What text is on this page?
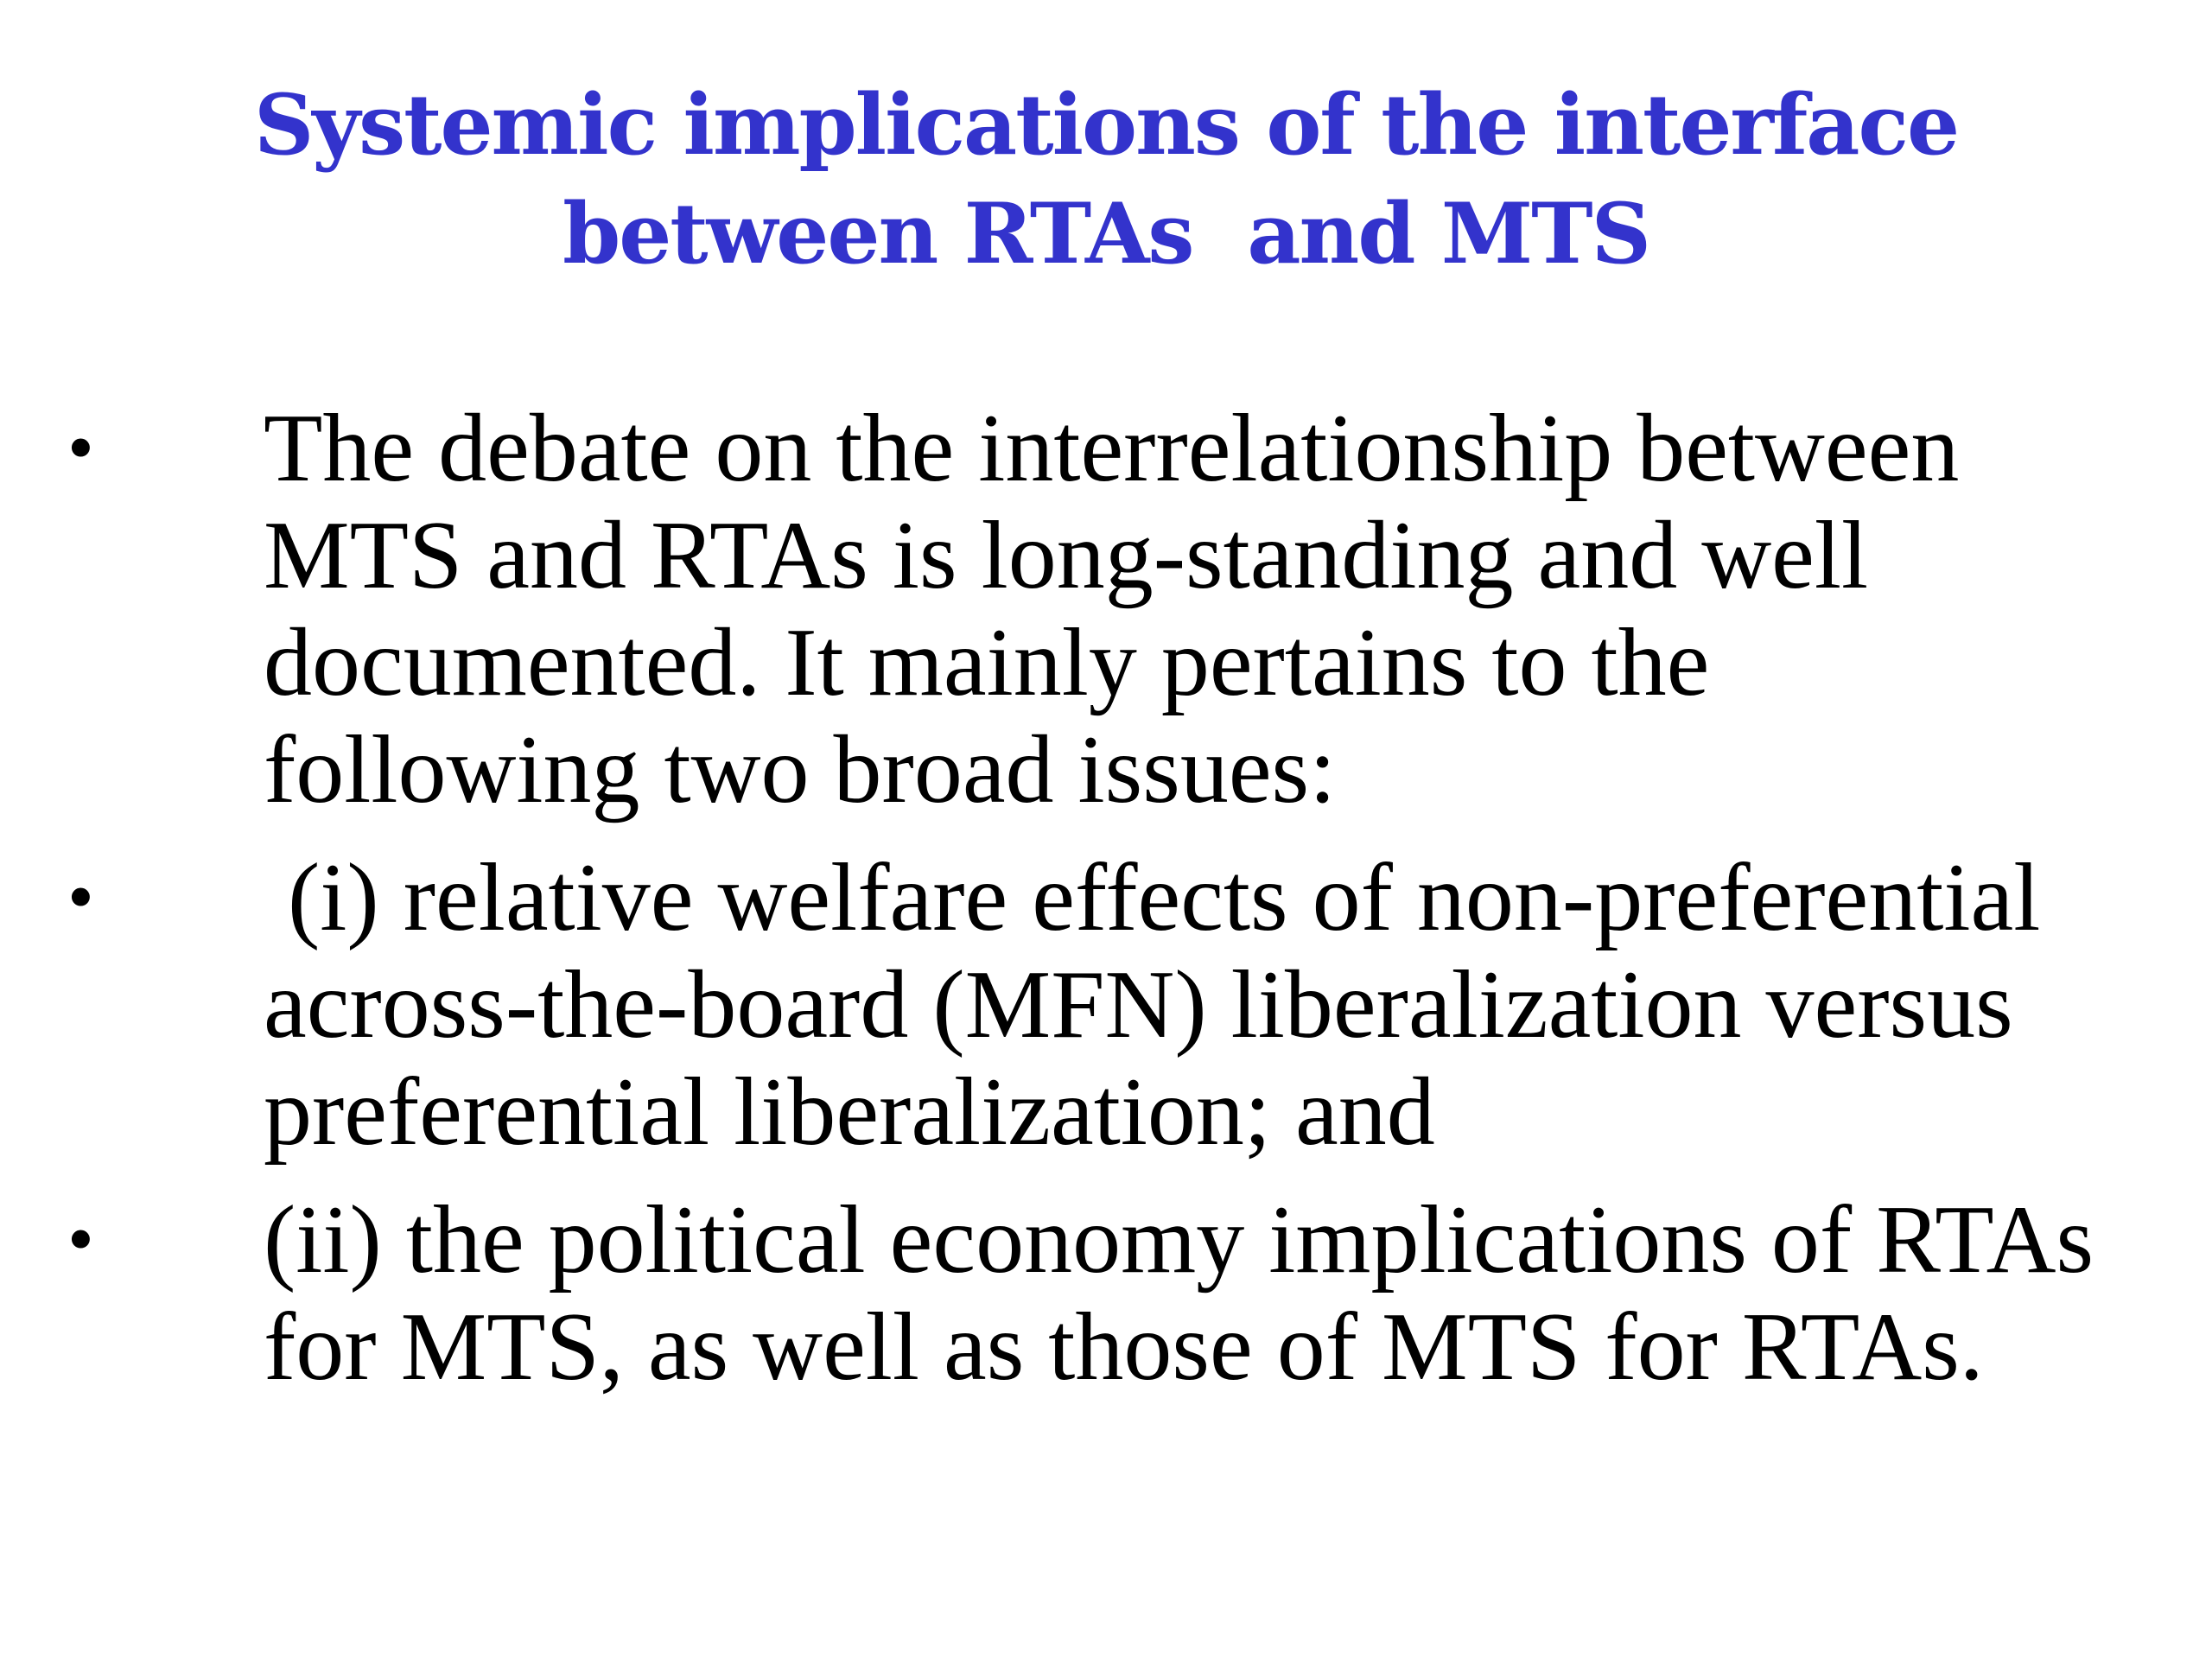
Systemic implications of the interface
between RTAs  and MTS
• The debate on the interrelationship between
MTS and RTAs is long-standing and well
documented. It mainly pertains to the
following two broad issues:
• (i) relative welfare effects of non-preferential
across-the-board (MFN) liberalization versus
preferential liberalization; and
• (ii) the political economy implications of RTAs
for MTS, as well as those of MTS for RTAs.
